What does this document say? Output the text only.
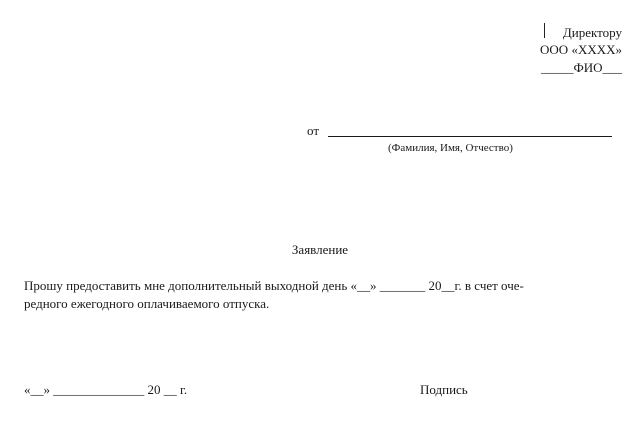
Директору
ООО «ХХХХ»
_____ФИО___
от
(Фамилия, Имя, Отчество)
Заявление
Прошу предоставить мне дополнительный выходной день «__» _______ 20__г. в счет оче-
редного ежегодного оплачиваемого отпуска.
«__» ______________ 20 __ г.	Подпись
